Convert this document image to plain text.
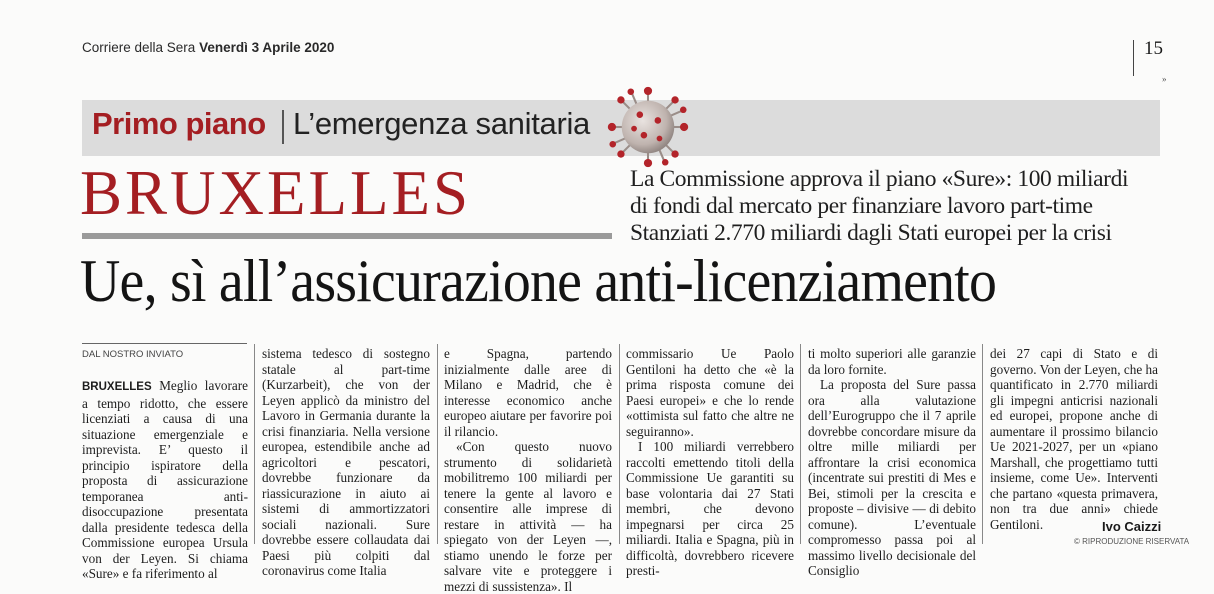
Corriere della Sera Venerdì 3 Aprile 2020	15
»
Primo piano L’emergenza sanitaria
BRUXELLES	La Commissione approva il piano «Sure»: 100 miliardi
di fondi dal mercato per finanziare lavoro part-time
Stanziati 2.770 miliardi dagli Stati europei per la crisi
Ue, sì all’assicurazione anti-licenziamento
DAL NOSTRO INVIATO

BRUXELLES Meglio lavorare a tempo ridotto, che essere licenziati a causa di una situazione emergenziale e imprevista. E’ questo il principio ispiratore della proposta di assicurazione temporanea anti-disoccupazione presentata dalla presidente tedesca della Commissione europea Ursula von der Leyen. Si chiama «Sure» e fa riferimento al

sistema tedesco di sostegno statale al part-time (Kurzarbeit), che von der Leyen applicò da ministro del Lavoro in Germania durante la crisi finanziaria. Nella versione europea, estendibile anche ad agricoltori e pescatori, dovrebbe funzionare da riassicurazione in aiuto ai sistemi di ammortizzatori sociali nazionali. Sure dovrebbe essere collaudata dai Paesi più colpiti dal coronavirus come Italia

e Spagna, partendo inizialmente dalle aree di Milano e Madrid, che è interesse economico anche europeo aiutare per favorire poi il rilancio.

«Con questo nuovo strumento di solidarietà mobilitremo 100 miliardi per tenere la gente al lavoro e consentire alle imprese di restare in attività — ha spiegato von der Leyen —, stiamo unendo le forze per salvare vite e proteggere i mezzi di sussistenza». Il

commissario Ue Paolo Gentiloni ha detto che «è la prima risposta comune dei Paesi europei» e che lo rende «ottimista sul fatto che altre ne seguiranno».

I 100 miliardi verrebbero raccolti emettendo titoli della Commissione Ue garantiti su base volontaria dai 27 Stati membri, che devono impegnarsi per circa 25 miliardi. Italia e Spagna, più in difficoltà, dovrebbero ricevere presti-

ti molto superiori alle garanzie da loro fornite.

La proposta del Sure passa ora alla valutazione dell’Eurogruppo che il 7 aprile dovrebbe concordare misure da oltre mille miliardi per affrontare la crisi economica (incentrate sui prestiti di Mes e Bei, stimoli per la crescita e proposte – divisive — di debito comune). L’eventuale compromesso passa poi al massimo livello decisionale del Consiglio

dei 27 capi di Stato e di governo. Von der Leyen, che ha quantificato in 2.770 miliardi gli impegni anticrisi nazionali ed europei, propone anche di aumentare il prossimo bilancio Ue 2021-2027, per un «piano Marshall, che progettiamo tutti insieme, come Ue». Interventi che partano «questa primavera, non tra due anni» chiede Gentiloni.	Ivo Caizzi
© RIPRODUZIONE RISERVATA
